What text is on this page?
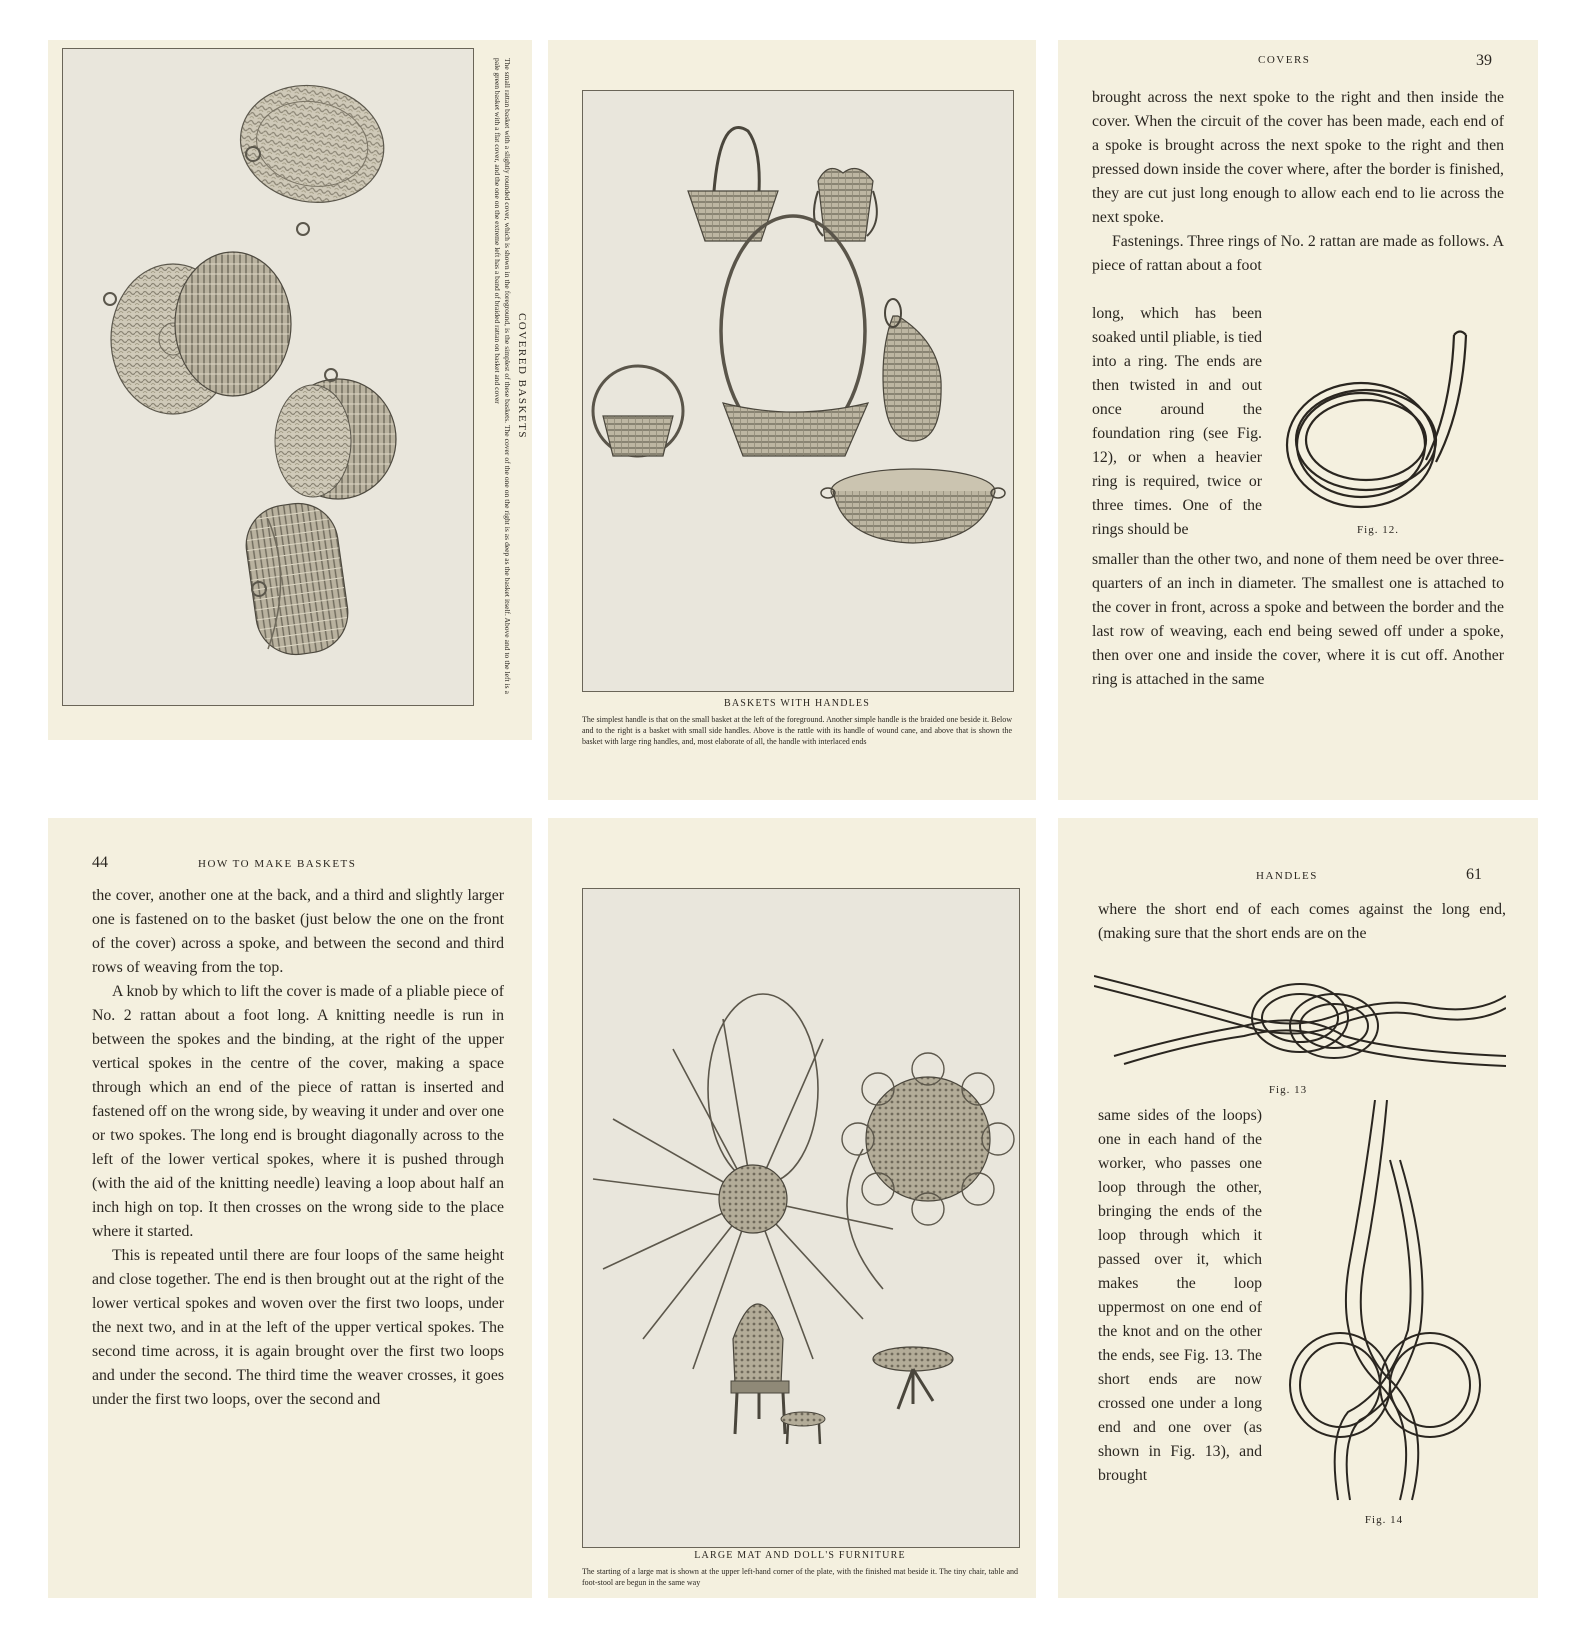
COVERED BASKETS
The small rattan basket with a slightly rounded cover, which is shown in the foreground, is the simplest of these baskets. The cover of the one on the right is as deep as the basket itself. Above and to the left is a pale green basket with a flat cover, and the one on the extreme left has a band of braided rattan on basket and cover
BASKETS WITH HANDLES
The simplest handle is that on the small basket at the left of the foreground. Another simple handle is the braided one beside it. Below and to the right is a basket with small side handles. Above is the rattle with its handle of wound cane, and above that is shown the basket with large ring handles, and, most elaborate of all, the handle with interlaced ends
COVERS	39

brought across the next spoke to the right and then inside the cover. When the circuit of the cover has been made, each end of a spoke is brought across the next spoke to the right and then pressed down inside the cover where, after the border is finished, they are cut just long enough to allow each end to lie across the next spoke.

Fastenings. Three rings of No. 2 rattan are made as follows. A piece of rattan about a foot

long, which has been soaked until pliable, is tied into a ring. The ends are then twisted in and out once around the foundation ring (see Fig. 12), or when a heavier ring is required, twice or three times. One of the rings should be	Fig. 12.

smaller than the other two, and none of them need be over three-quarters of an inch in diameter. The smallest one is attached to the cover in front, across a spoke and between the border and the last row of weaving, each end being sewed off under a spoke, then over one and inside the cover, where it is cut off. Another ring is attached in the same

44	HOW TO MAKE BASKETS

the cover, another one at the back, and a third and slightly larger one is fastened on to the basket (just below the one on the front of the cover) across a spoke, and between the second and third rows of weaving from the top.

A knob by which to lift the cover is made of a pliable piece of No. 2 rattan about a foot long. A knitting needle is run in between the spokes and the binding, at the right of the upper vertical spokes in the centre of the cover, making a space through which an end of the piece of rattan is inserted and fastened off on the wrong side, by weaving it under and over one or two spokes. The long end is brought diagonally across to the left of the lower vertical spokes, where it is pushed through (with the aid of the knitting needle) leaving a loop about half an inch high on top. It then crosses on the wrong side to the place where it started.

This is repeated until there are four loops of the same height and close together. The end is then brought out at the right of the lower vertical spokes and woven over the first two loops, under the next two, and in at the left of the upper vertical spokes. The second time across, it is again brought over the first two loops and under the second. The third time the weaver crosses, it goes under the first two loops, over the second and

LARGE MAT AND DOLL'S FURNITURE
The starting of a large mat is shown at the upper left-hand corner of the plate, with the finished mat beside it. The tiny chair, table and foot-stool are begun in the same way
HANDLES	61

where the short end of each comes against the long end, (making sure that the short ends are on the

Fig. 13

same sides of the loops) one in each hand of the worker, who passes one loop through the other, bringing the ends of the loop through which it passed over it, which makes the loop uppermost on one end of the knot and on the other the ends, see Fig. 13. The short ends are now crossed one under a long end and one over (as shown in Fig. 13), and brought

Fig. 14
